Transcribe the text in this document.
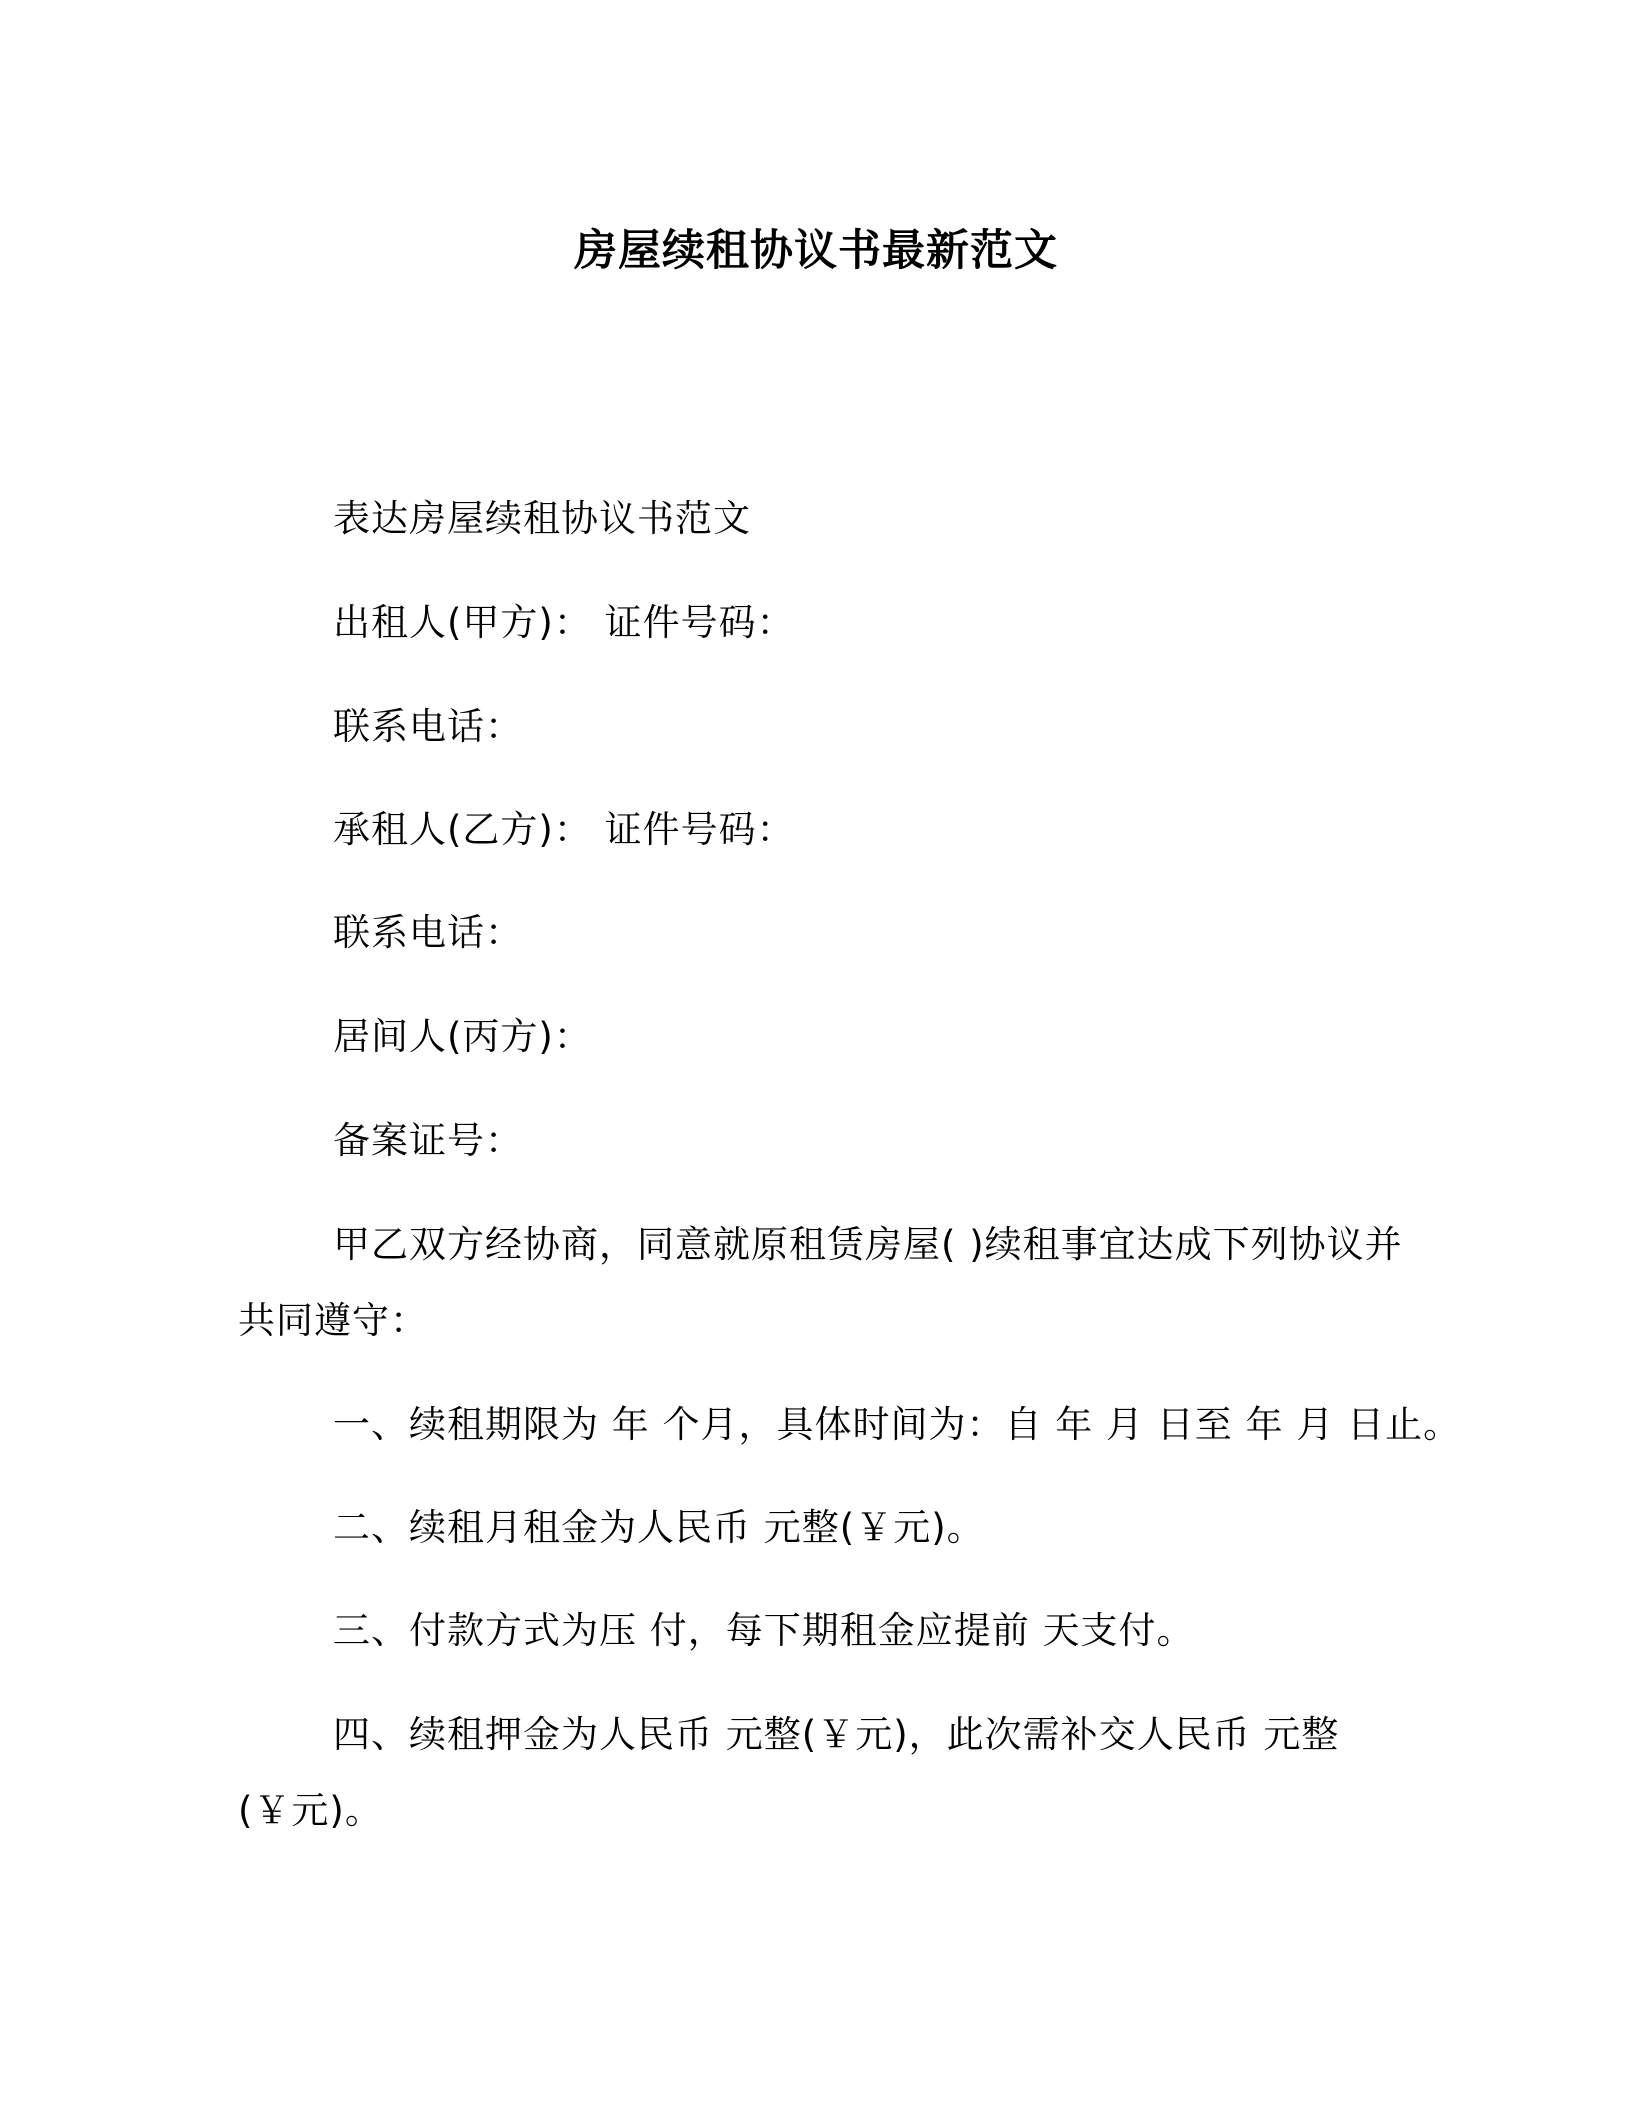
房屋续租协议书最新范文
表达房屋续租协议书范文
出租人(甲方)： 证件号码：
联系电话：
承租人(乙方)： 证件号码：
联系电话：
居间人(丙方)：
备案证号：
甲乙双方经协商，同意就原租赁房屋( )续租事宜达成下列协议并
共同遵守：
一、续租期限为 年 个月，具体时间为：自 年 月 日至 年 月 日止。
二、续租月租金为人民币 元整(￥元)。
三、付款方式为压 付，每下期租金应提前 天支付。
四、续租押金为人民币 元整(￥元)，此次需补交人民币 元整
(￥元)。
